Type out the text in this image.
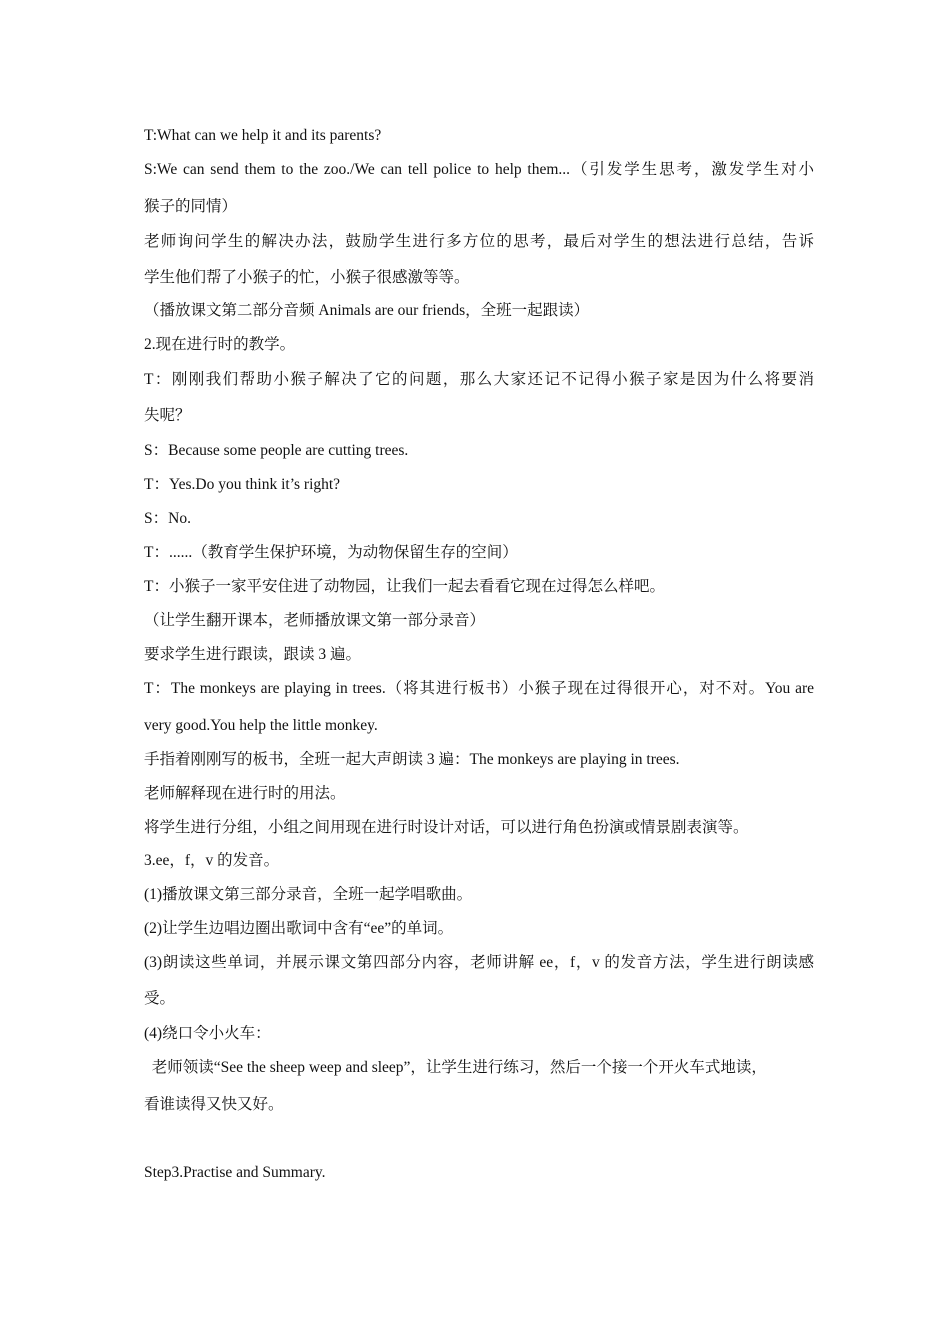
T:What can we help it and its parents?
S:We can send them to the zoo./We can tell police to help them...（引发学生思考，激发学生对小
猴子的同情）
老师询问学生的解决办法，鼓励学生进行多方位的思考，最后对学生的想法进行总结，告诉
学生他们帮了小猴子的忙，小猴子很感激等等。
（播放课文第二部分音频 Animals are our friends，全班一起跟读）
2.现在进行时的教学。
T：刚刚我们帮助小猴子解决了它的问题，那么大家还记不记得小猴子家是因为什么将要消
失呢？
S：Because some people are cutting trees.
T：Yes.Do you think it’s right?
S：No.
T：......（教育学生保护环境，为动物保留生存的空间）
T：小猴子一家平安住进了动物园，让我们一起去看看它现在过得怎么样吧。
（让学生翻开课本，老师播放课文第一部分录音）
要求学生进行跟读，跟读 3 遍。
T：The monkeys are playing in trees.（将其进行板书）小猴子现在过得很开心，对不对。You are
very good.You help the little monkey.
手指着刚刚写的板书，全班一起大声朗读 3 遍：The monkeys are playing in trees.
老师解释现在进行时的用法。
将学生进行分组，小组之间用现在进行时设计对话，可以进行角色扮演或情景剧表演等。
3.ee，f，v 的发音。
(1)播放课文第三部分录音，全班一起学唱歌曲。
(2)让学生边唱边圈出歌词中含有“ee”的单词。
(3)朗读这些单词，并展示课文第四部分内容，老师讲解 ee，f，v 的发音方法，学生进行朗读感
受。
(4)绕口令小火车：
老师领读“See the sheep weep and sleep”，让学生进行练习，然后一个接一个开火车式地读，
看谁读得又快又好。
Step3.Practise and Summary.
